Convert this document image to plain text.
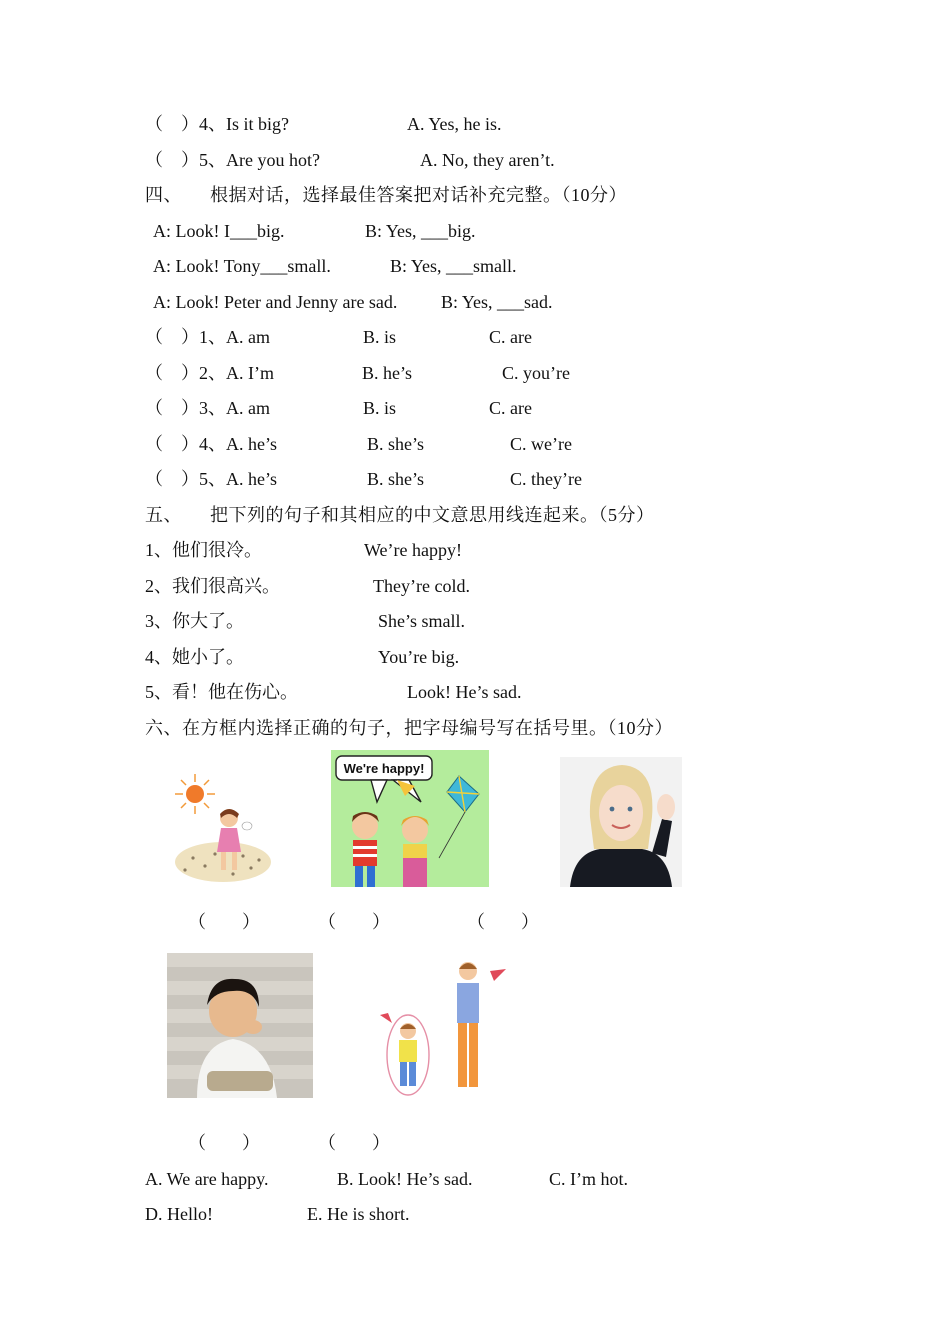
（　）4、Is it big?	A. Yes, he is.
（　）5、Are you hot?	A. No, they aren’t.
四、　　根据对话，选择最佳答案把对话补充完整。（10分）
A: Look! I___big.	B: Yes, ___big.
A: Look! Tony___small.	B: Yes, ___small.
A: Look! Peter and Jenny are sad. B: Yes, ___sad.
（　）1、A. am	B. is	C. are
（　）2、A. I’m	B. he’s	C. you’re
（　）3、A. am	B. is	C. are
（　）4、A. he’s	B. she’s	C. we’re
（　）5、A. he’s	B. she’s	C. they’re
五、　　把下列的句子和其相应的中文意思用线连起来。（5分）
1、他们很冷。	We’re happy!
2、我们很高兴。	They’re cold.
3、你大了。	She’s small.
4、她小了。	You’re big.
5、看！他在伤心。	Look! He’s sad.
六、在方框内选择正确的句子，把字母编号写在括号里。（10分）
We're happy!
（　　）	（　　）	（　　）
（　　）	（　　）
A. We are happy.	B. Look! He’s sad.	C. I’m hot.
D. Hello!	E. He is short.
